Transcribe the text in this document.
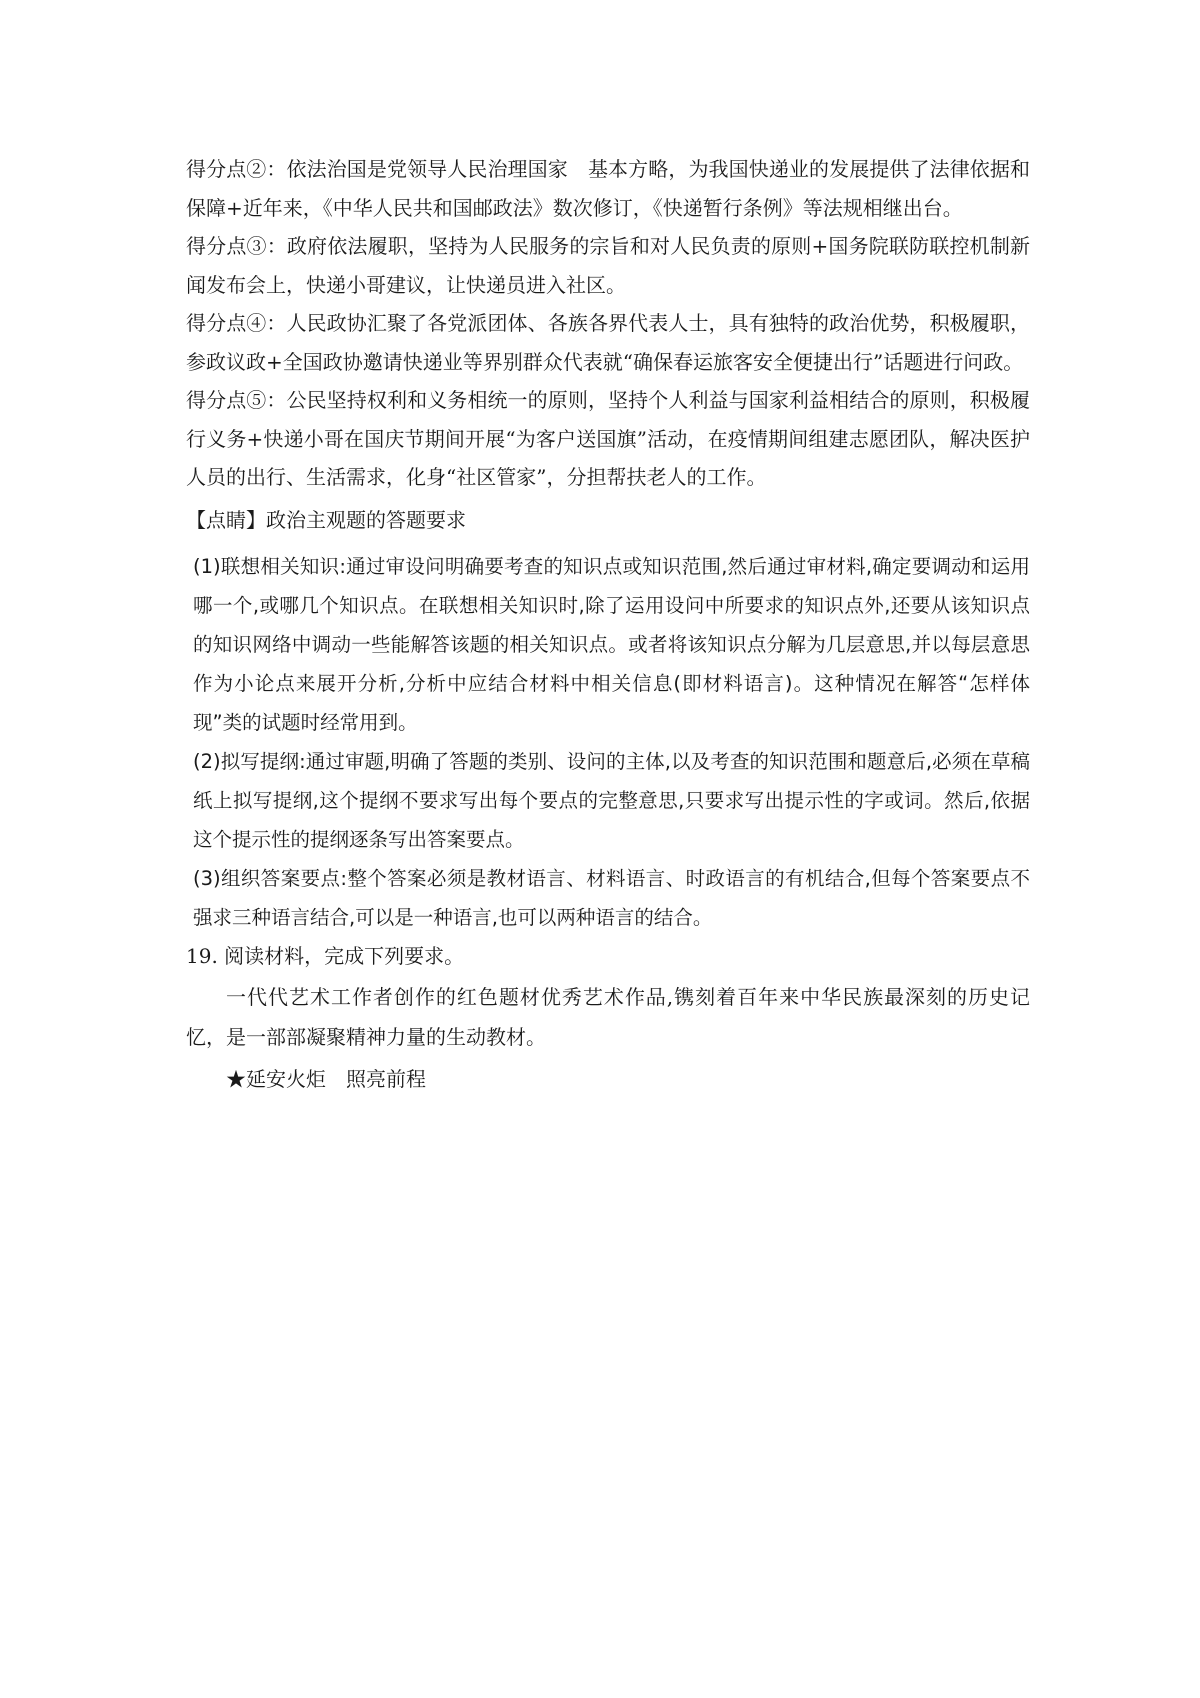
得分点②：依法治国是党领导人民治理国家　基本方略，为我国快递业的发展提供了法律依据和保障+近年来，《中华人民共和国邮政法》数次修订，《快递暂行条例》等法规相继出台。

得分点③：政府依法履职，坚持为人民服务的宗旨和对人民负责的原则+国务院联防联控机制新闻发布会上，快递小哥建议，让快递员进入社区。

得分点④：人民政协汇聚了各党派团体、各族各界代表人士，具有独特的政治优势，积极履职，参政议政+全国政协邀请快递业等界别群众代表就“确保春运旅客安全便捷出行”话题进行问政。

得分点⑤：公民坚持权利和义务相统一的原则，坚持个人利益与国家利益相结合的原则，积极履行义务+快递小哥在国庆节期间开展“为客户送国旗”活动，在疫情期间组建志愿团队，解决医护人员的出行、生活需求，化身“社区管家”，分担帮扶老人的工作。

【点睛】政治主观题的答题要求

(1)联想相关知识:通过审设问明确要考查的知识点或知识范围,然后通过审材料,确定要调动和运用哪一个,或哪几个知识点。在联想相关知识时,除了运用设问中所要求的知识点外,还要从该知识点的知识网络中调动一些能解答该题的相关知识点。或者将该知识点分解为几层意思,并以每层意思作为小论点来展开分析,分析中应结合材料中相关信息(即材料语言)。这种情况在解答“怎样体现”类的试题时经常用到。

(2)拟写提纲:通过审题,明确了答题的类别、设问的主体,以及考查的知识范围和题意后,必须在草稿纸上拟写提纲,这个提纲不要求写出每个要点的完整意思,只要求写出提示性的字或词。然后,依据这个提示性的提纲逐条写出答案要点。

(3)组织答案要点:整个答案必须是教材语言、材料语言、时政语言的有机结合,但每个答案要点不强求三种语言结合,可以是一种语言,也可以两种语言的结合。

19. 阅读材料，完成下列要求。

一代代艺术工作者创作的红色题材优秀艺术作品,镌刻着百年来中华民族最深刻的历史记忆，是一部部凝聚精神力量的生动教材。

★延安火炬　照亮前程
